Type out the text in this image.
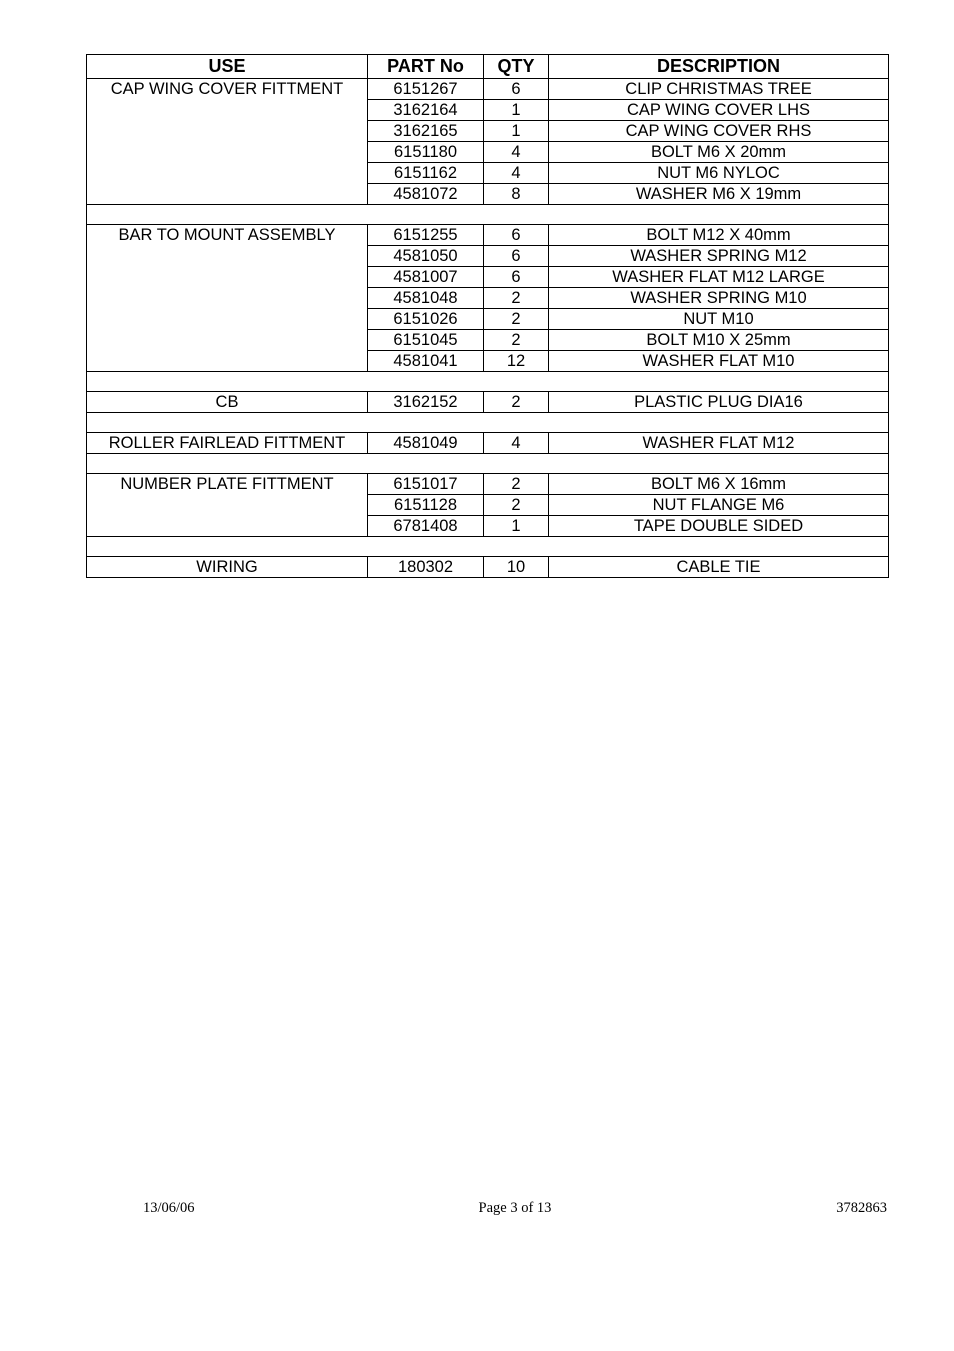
USE	PART No	QTY	DESCRIPTION
CAP WING COVER FITTMENT	6151267	6	CLIP CHRISTMAS TREE
	3162164	1	CAP WING COVER LHS
	3162165	1	CAP WING COVER RHS
	6151180	4	BOLT M6 X 20mm
	6151162	4	NUT M6 NYLOC
	4581072	8	WASHER M6 X 19mm

BAR TO MOUNT ASSEMBLY	6151255	6	BOLT M12 X 40mm
	4581050	6	WASHER SPRING M12
	4581007	6	WASHER FLAT M12 LARGE
	4581048	2	WASHER SPRING M10
	6151026	2	NUT M10
	6151045	2	BOLT M10 X 25mm
	4581041	12	WASHER FLAT M10

CB	3162152	2	PLASTIC PLUG DIA16

ROLLER FAIRLEAD FITTMENT	4581049	4	WASHER FLAT M12

NUMBER PLATE FITTMENT	6151017	2	BOLT M6 X 16mm
	6151128	2	NUT FLANGE M6
	6781408	1	TAPE DOUBLE SIDED

WIRING	180302	10	CABLE TIE
13/06/06	Page 3 of 13	3782863
